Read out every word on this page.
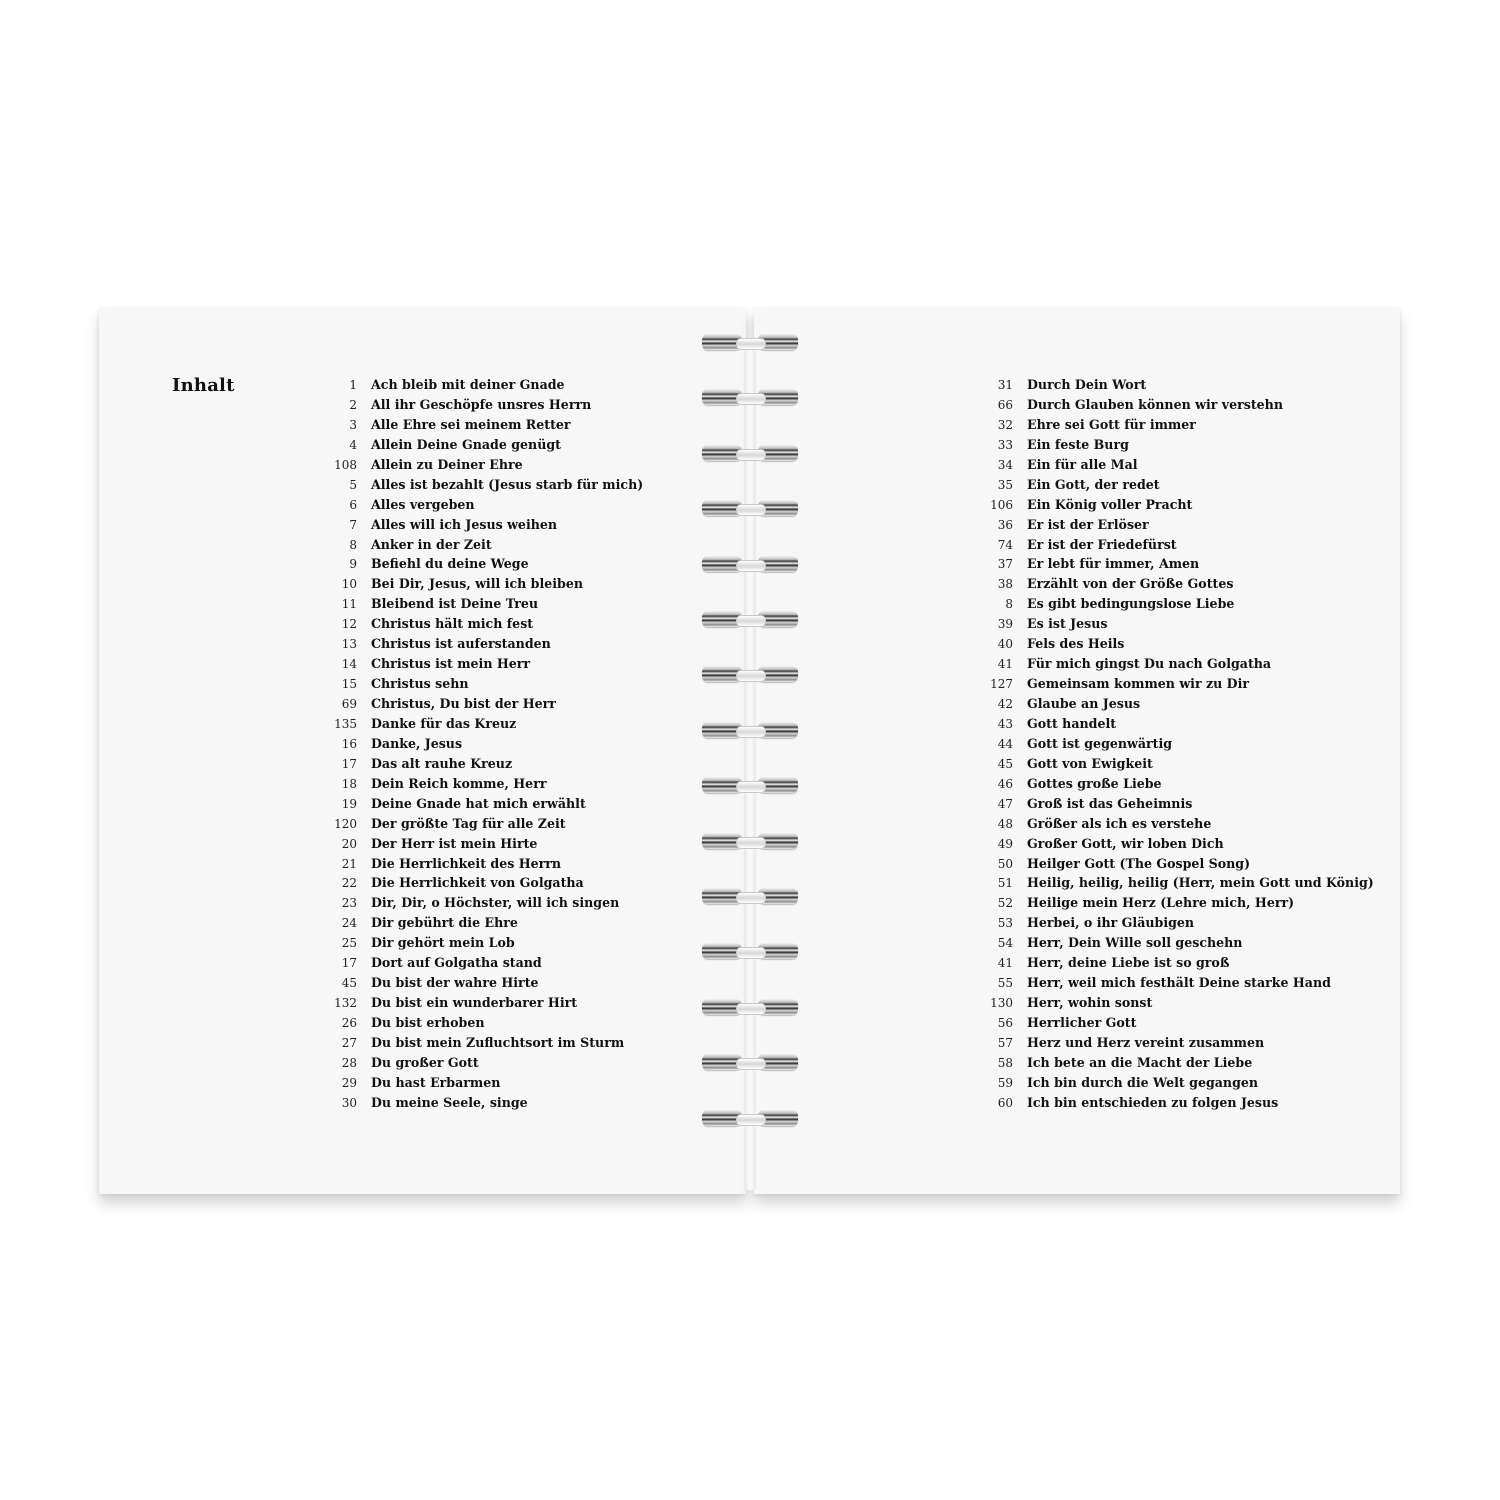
Inhalt	1 Ach bleib mit deiner Gnade
2 All ihr Geschöpfe unsres Herrn
3 Alle Ehre sei meinem Retter
4 Allein Deine Gnade genügt
108 Allein zu Deiner Ehre
5 Alles ist bezahlt (Jesus starb für mich)
6 Alles vergeben
7 Alles will ich Jesus weihen
8 Anker in der Zeit
9 Befiehl du deine Wege
10 Bei Dir, Jesus, will ich bleiben
11 Bleibend ist Deine Treu
12 Christus hält mich fest
13 Christus ist auferstanden
14 Christus ist mein Herr
15 Christus sehn
69 Christus, Du bist der Herr
135 Danke für das Kreuz
16 Danke, Jesus
17 Das alt rauhe Kreuz
18 Dein Reich komme, Herr
19 Deine Gnade hat mich erwählt
120 Der größte Tag für alle Zeit
20 Der Herr ist mein Hirte
21 Die Herrlichkeit des Herrn
22 Die Herrlichkeit von Golgatha
23 Dir, Dir, o Höchster, will ich singen
24 Dir gebührt die Ehre
25 Dir gehört mein Lob
17 Dort auf Golgatha stand
45 Du bist der wahre Hirte
132 Du bist ein wunderbarer Hirt
26 Du bist erhoben
27 Du bist mein Zufluchtsort im Sturm
28 Du großer Gott
29 Du hast Erbarmen
30 Du meine Seele, singe
31 Durch Dein Wort
66 Durch Glauben können wir verstehn
32 Ehre sei Gott für immer
33 Ein feste Burg
34 Ein für alle Mal
35 Ein Gott, der redet
106 Ein König voller Pracht
36 Er ist der Erlöser
74 Er ist der Friedefürst
37 Er lebt für immer, Amen
38 Erzählt von der Größe Gottes
8 Es gibt bedingungslose Liebe
39 Es ist Jesus
40 Fels des Heils
41 Für mich gingst Du nach Golgatha
127 Gemeinsam kommen wir zu Dir
42 Glaube an Jesus
43 Gott handelt
44 Gott ist gegenwärtig
45 Gott von Ewigkeit
46 Gottes große Liebe
47 Groß ist das Geheimnis
48 Größer als ich es verstehe
49 Großer Gott, wir loben Dich
50 Heilger Gott (The Gospel Song)
51 Heilig, heilig, heilig (Herr, mein Gott und König)
52 Heilige mein Herz (Lehre mich, Herr)
53 Herbei, o ihr Gläubigen
54 Herr, Dein Wille soll geschehn
41 Herr, deine Liebe ist so groß
55 Herr, weil mich festhält Deine starke Hand
130 Herr, wohin sonst
56 Herrlicher Gott
57 Herz und Herz vereint zusammen
58 Ich bete an die Macht der Liebe
59 Ich bin durch die Welt gegangen
60 Ich bin entschieden zu folgen Jesus
